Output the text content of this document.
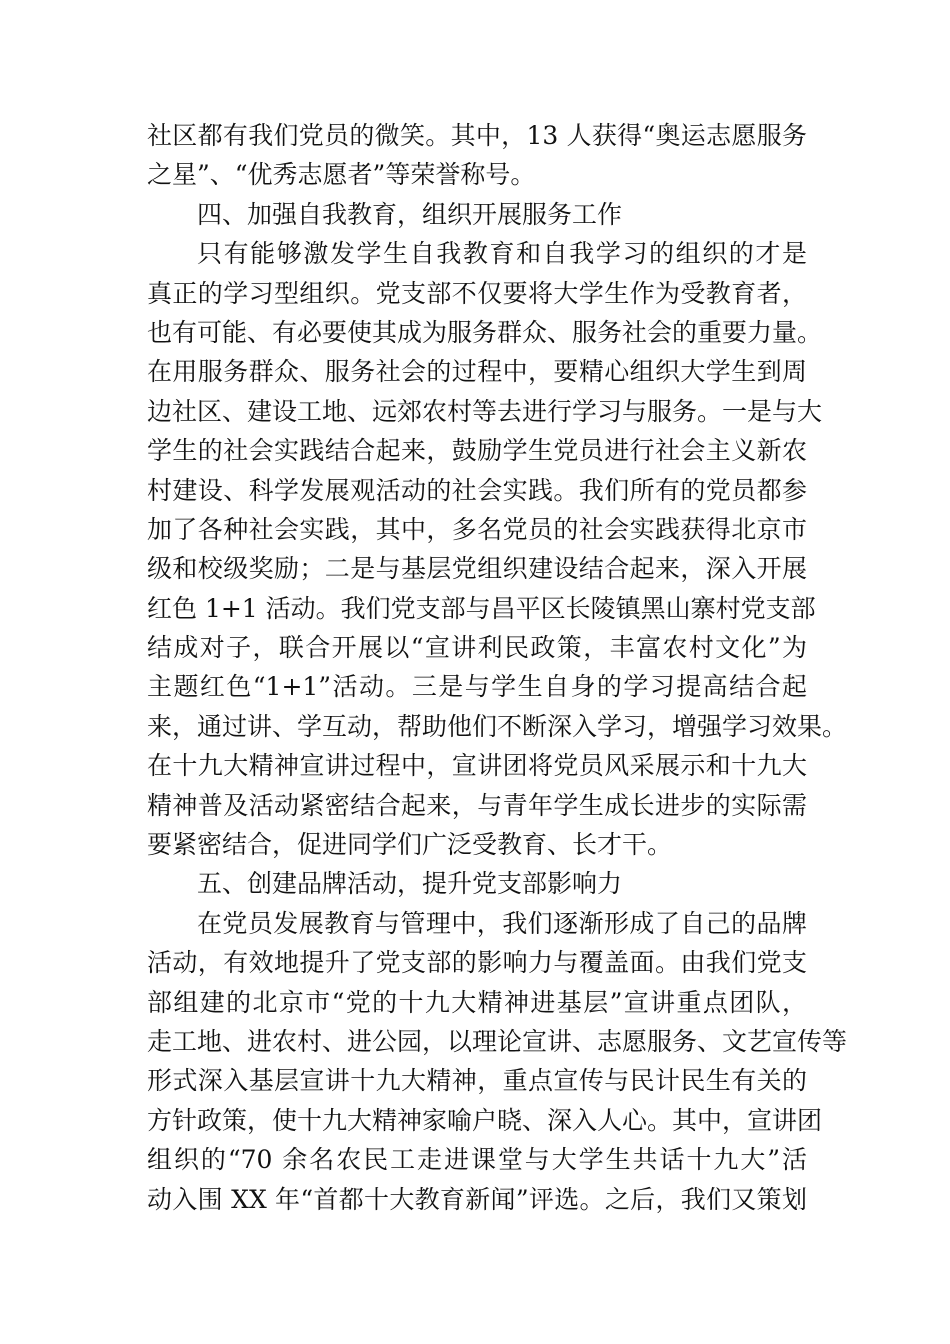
社区都有我们党员的微笑。其中，13 人获得“奥运志愿服务
之星”、“优秀志愿者”等荣誉称号。
四、加强自我教育，组织开展服务工作
只有能够激发学生自我教育和自我学习的组织的才是
真正的学习型组织。党支部不仅要将大学生作为受教育者，
也有可能、有必要使其成为服务群众、服务社会的重要力量。
在用服务群众、服务社会的过程中，要精心组织大学生到周
边社区、建设工地、远郊农村等去进行学习与服务。一是与大
学生的社会实践结合起来，鼓励学生党员进行社会主义新农
村建设、科学发展观活动的社会实践。我们所有的党员都参
加了各种社会实践，其中，多名党员的社会实践获得北京市
级和校级奖励；二是与基层党组织建设结合起来，深入开展
红色 1+1 活动。我们党支部与昌平区长陵镇黑山寨村党支部
结成对子，联合开展以“宣讲利民政策，丰富农村文化”为
主题红色“1+1”活动。三是与学生自身的学习提高结合起
来，通过讲、学互动，帮助他们不断深入学习，增强学习效果。
在十九大精神宣讲过程中，宣讲团将党员风采展示和十九大
精神普及活动紧密结合起来，与青年学生成长进步的实际需
要紧密结合，促进同学们广泛受教育、长才干。
五、创建品牌活动，提升党支部影响力
在党员发展教育与管理中，我们逐渐形成了自己的品牌
活动，有效地提升了党支部的影响力与覆盖面。由我们党支
部组建的北京市“党的十九大精神进基层”宣讲重点团队，
走工地、进农村、进公园，以理论宣讲、志愿服务、文艺宣传等
形式深入基层宣讲十九大精神，重点宣传与民计民生有关的
方针政策，使十九大精神家喻户晓、深入人心。其中，宣讲团
组织的“70 余名农民工走进课堂与大学生共话十九大”活
动入围 XX 年“首都十大教育新闻”评选。之后，我们又策划
